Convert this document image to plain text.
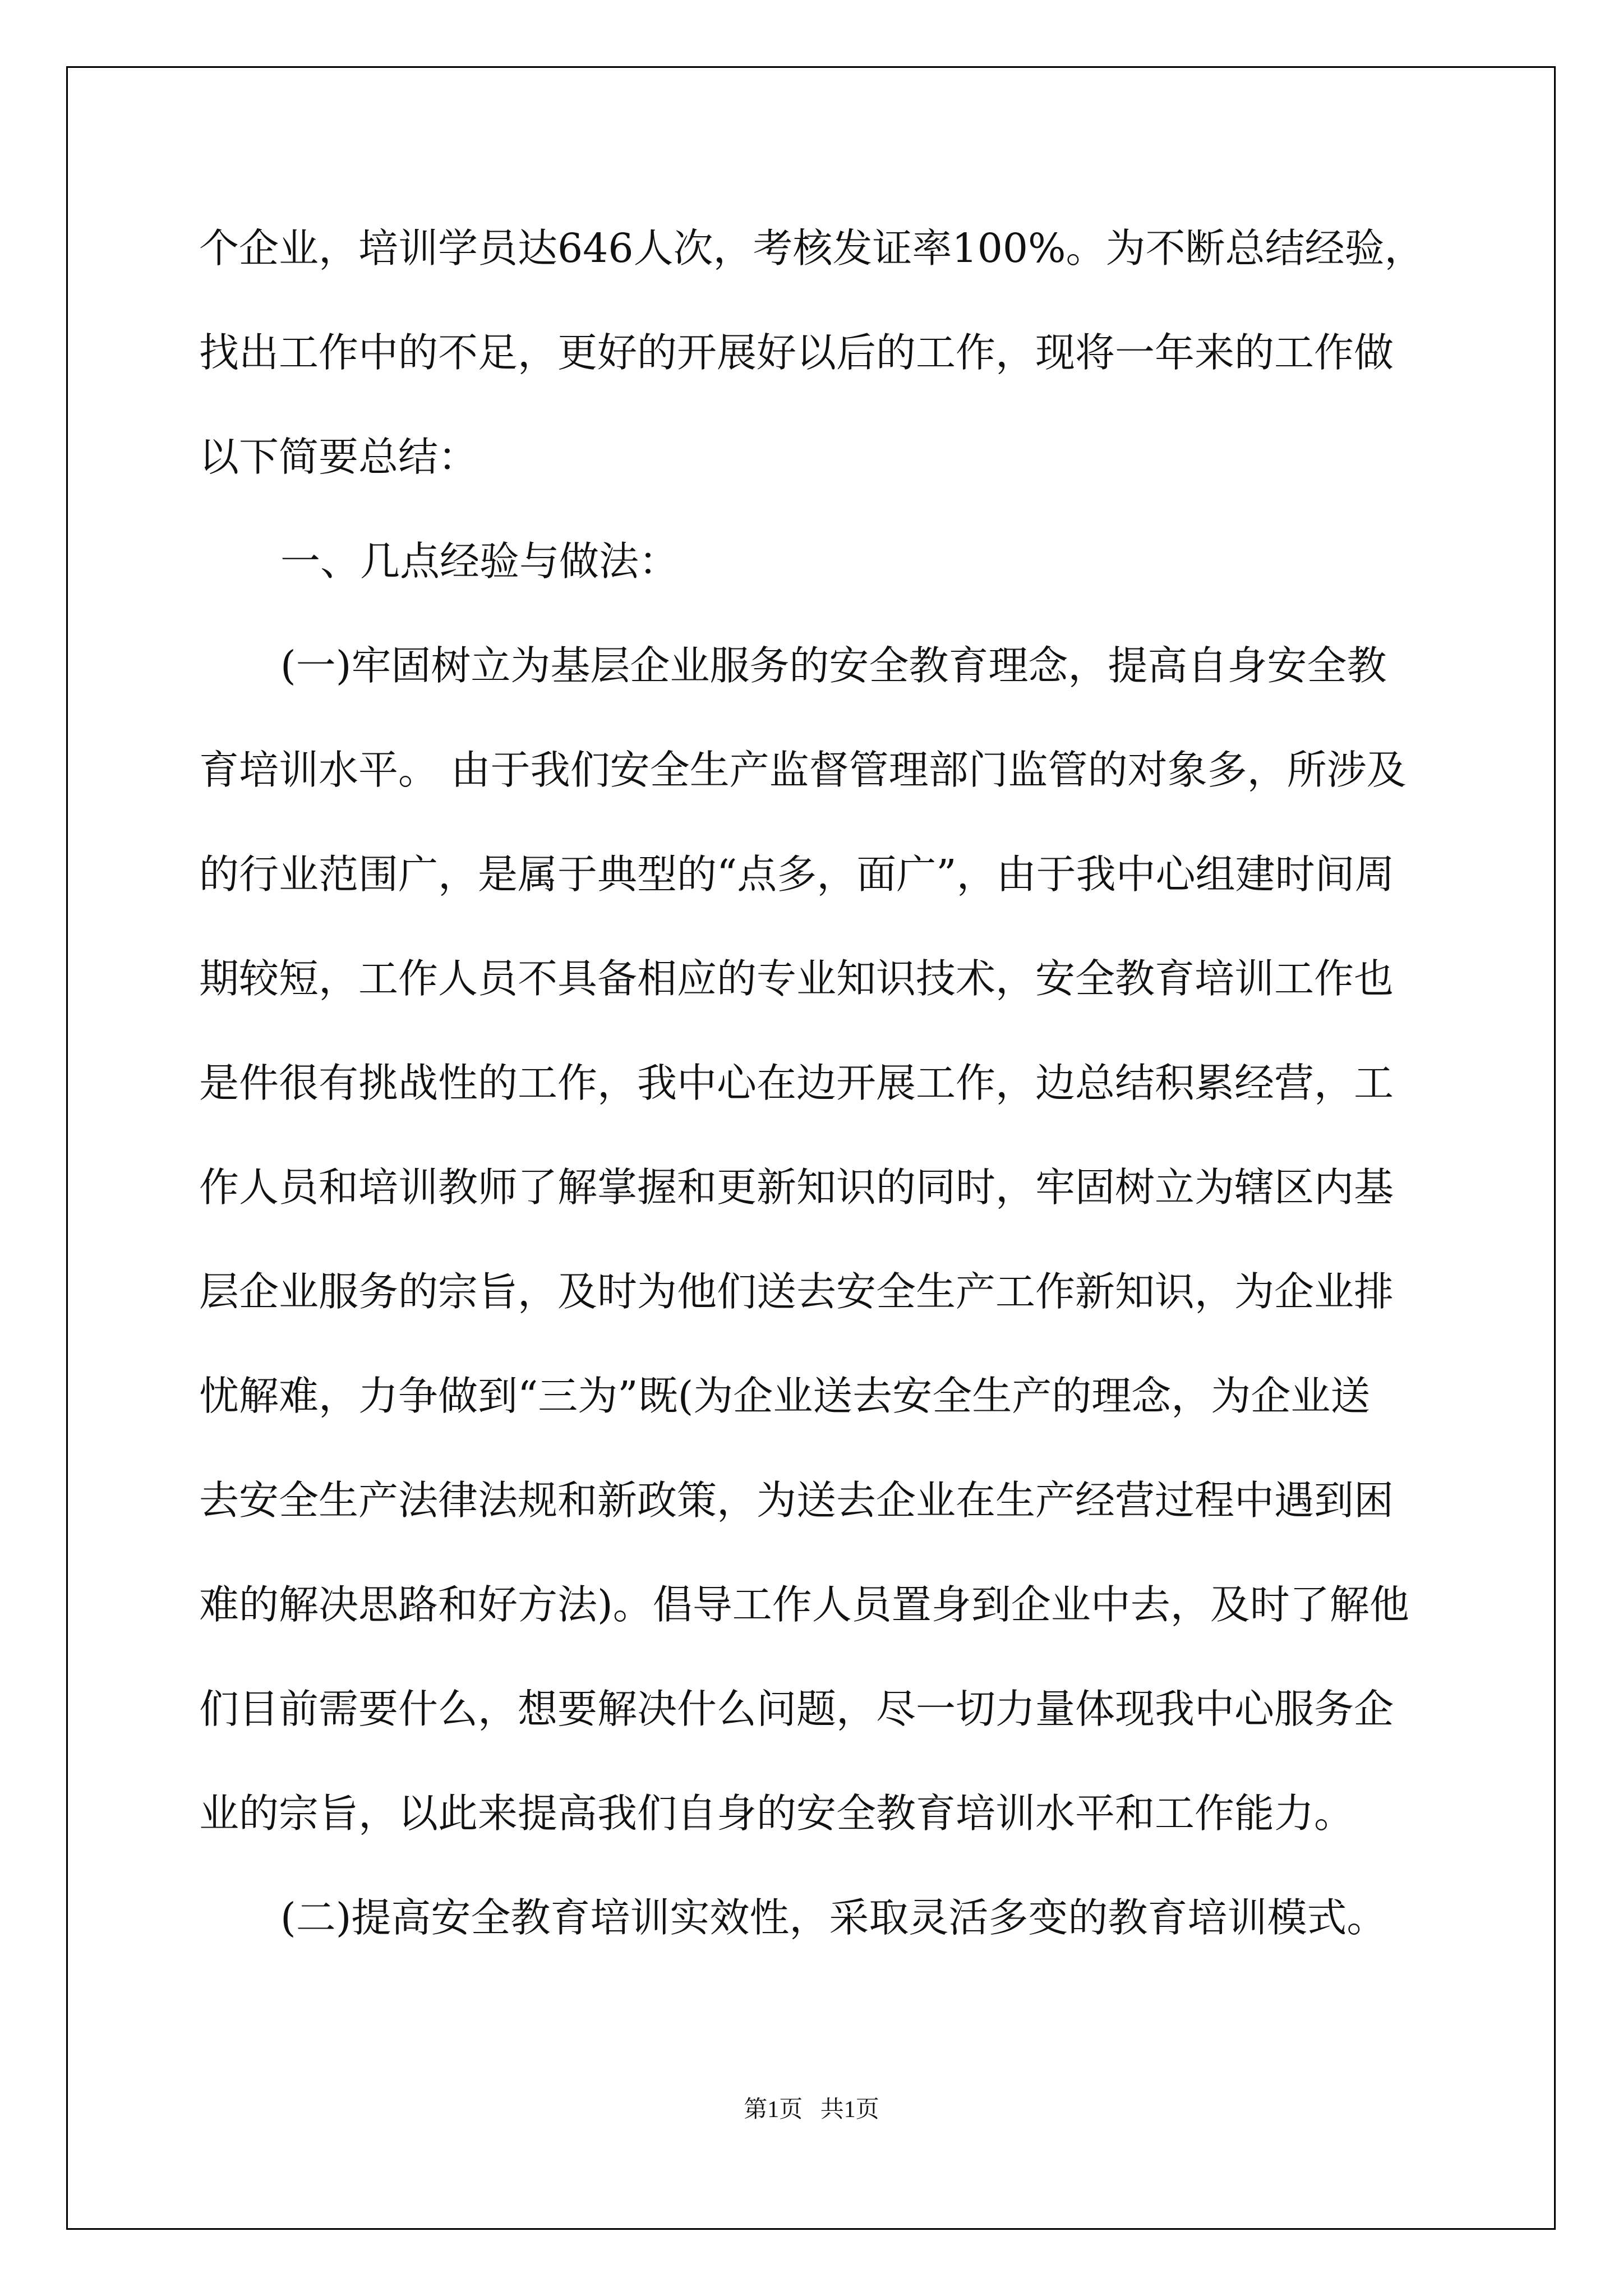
个企业，培训学员达646人次，考核发证率100%。为不断总结经验，

找出工作中的不足，更好的开展好以后的工作，现将一年来的工作做

以下简要总结：

一、几点经验与做法：

(一)牢固树立为基层企业服务的安全教育理念，提高自身安全教

育培训水平。 由于我们安全生产监督管理部门监管的对象多，所涉及

的行业范围广，是属于典型的“点多，面广”，由于我中心组建时间周

期较短，工作人员不具备相应的专业知识技术，安全教育培训工作也

是件很有挑战性的工作，我中心在边开展工作，边总结积累经营，工

作人员和培训教师了解掌握和更新知识的同时，牢固树立为辖区内基

层企业服务的宗旨，及时为他们送去安全生产工作新知识，为企业排

忧解难，力争做到“三为”既(为企业送去安全生产的理念，为企业送

去安全生产法律法规和新政策，为送去企业在生产经营过程中遇到困

难的解决思路和好方法)。倡导工作人员置身到企业中去，及时了解他

们目前需要什么，想要解决什么问题，尽一切力量体现我中心服务企

业的宗旨，以此来提高我们自身的安全教育培训水平和工作能力。

(二)提高安全教育培训实效性，采取灵活多变的教育培训模式。

第1页   共1页
